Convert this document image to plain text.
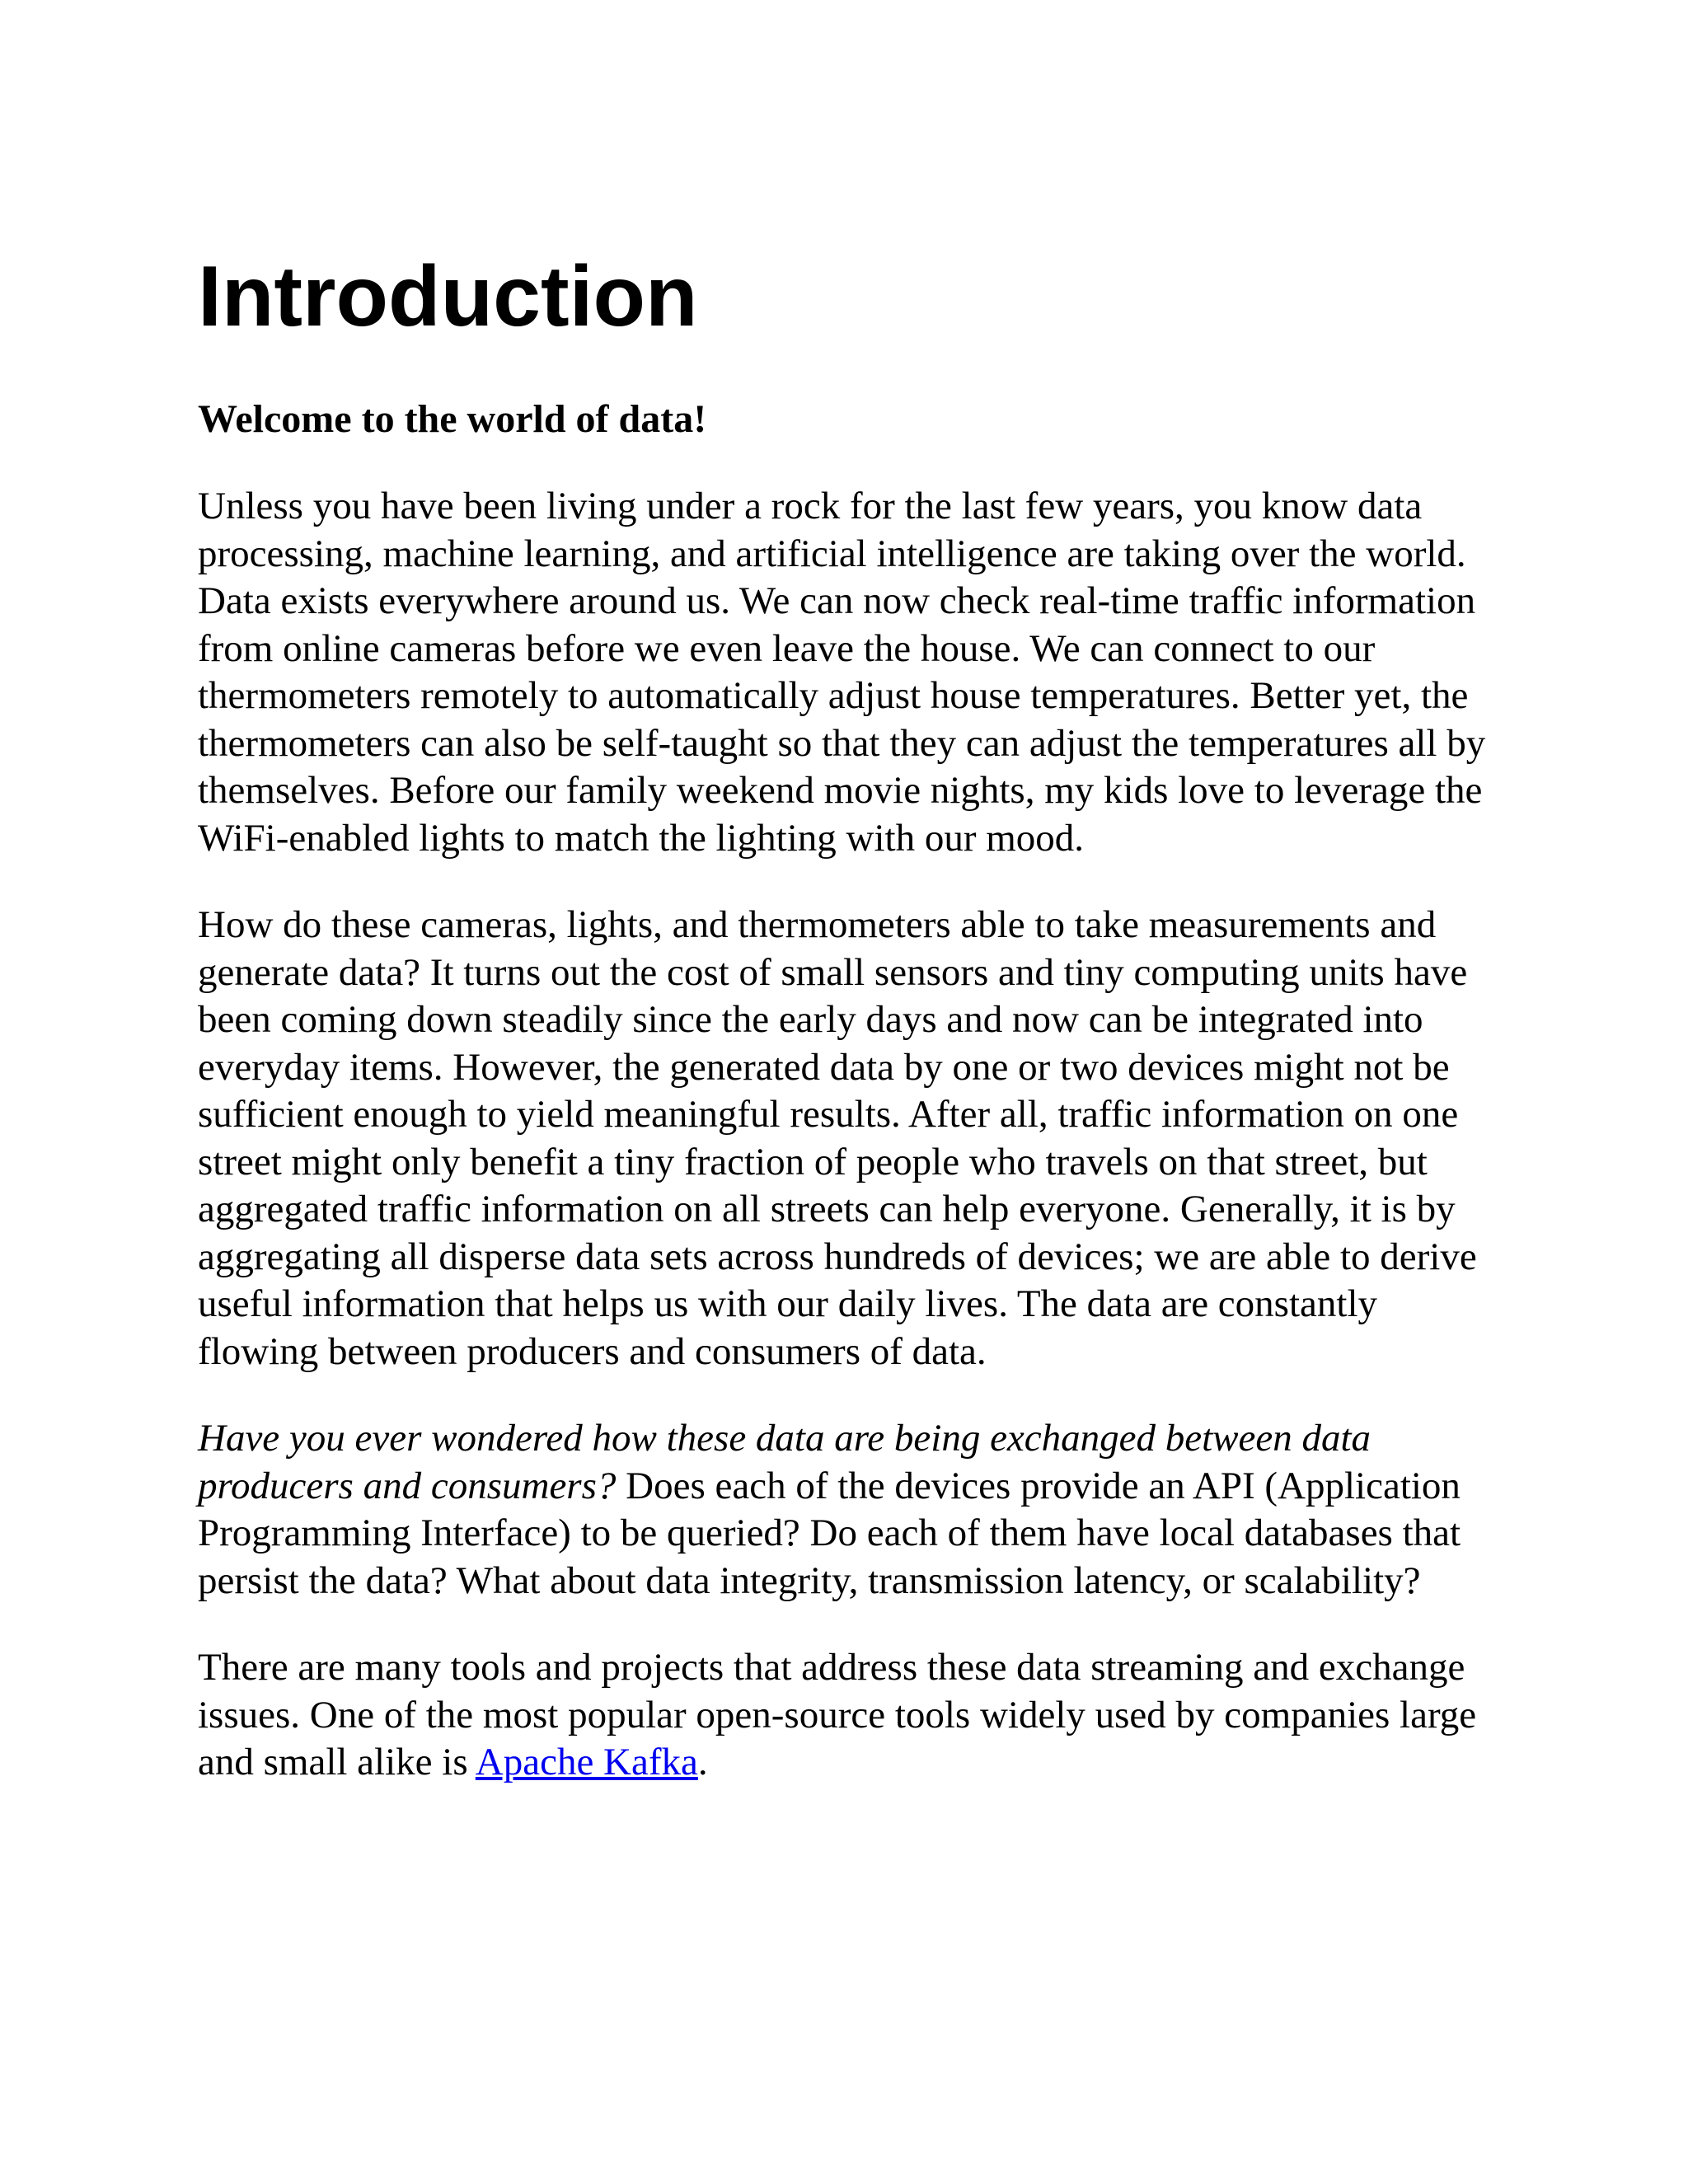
Introduction
Welcome to the world of data!

Unless you have been living under a rock for the last few years, you know data processing, machine learning, and artificial intelligence are taking over the world. Data exists everywhere around us. We can now check real-time traffic information from online cameras before we even leave the house. We can connect to our thermometers remotely to automatically adjust house temperatures. Better yet, the thermometers can also be self-taught so that they can adjust the temperatures all by themselves. Before our family weekend movie nights, my kids love to leverage the WiFi-enabled lights to match the lighting with our mood.

How do these cameras, lights, and thermometers able to take measurements and generate data? It turns out the cost of small sensors and tiny computing units have been coming down steadily since the early days and now can be integrated into everyday items. However, the generated data by one or two devices might not be sufficient enough to yield meaningful results. After all, traffic information on one street might only benefit a tiny fraction of people who travels on that street, but aggregated traffic information on all streets can help everyone. Generally, it is by aggregating all disperse data sets across hundreds of devices; we are able to derive useful information that helps us with our daily lives. The data are constantly flowing between producers and consumers of data.

Have you ever wondered how these data are being exchanged between data producers and consumers? Does each of the devices provide an API (Application Programming Interface) to be queried? Do each of them have local databases that persist the data? What about data integrity, transmission latency, or scalability?

There are many tools and projects that address these data streaming and exchange issues. One of the most popular open-source tools widely used by companies large and small alike is Apache Kafka.
